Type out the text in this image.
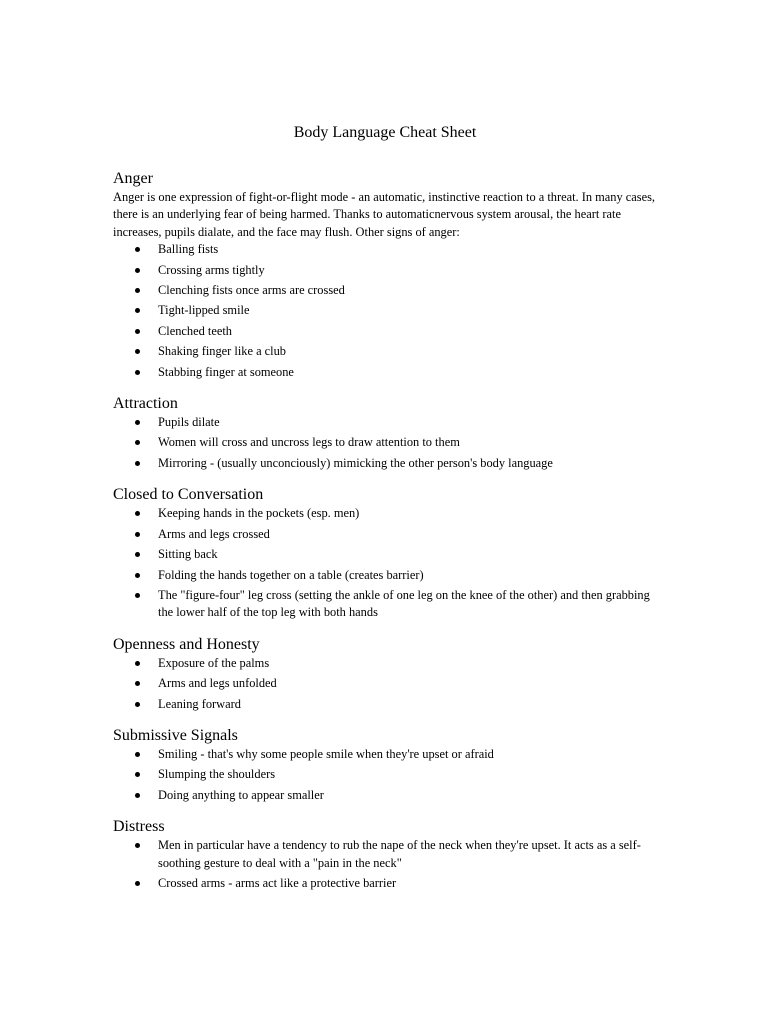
Body Language Cheat Sheet
Anger

Anger is one expression of fight-or-flight mode - an automatic, instinctive reaction to a threat. In many cases, there is an underlying fear of being harmed. Thanks to automaticnervous system arousal, the heart rate increases, pupils dialate, and the face may flush. Other signs of anger:

Balling fists
Crossing arms tightly
Clenching fists once arms are crossed
Tight-lipped smile
Clenched teeth
Shaking finger like a club
Stabbing finger at someone
Attraction
Pupils dilate
Women will cross and uncross legs to draw attention to them
Mirroring - (usually unconciously) mimicking the other person's body language
Closed to Conversation
Keeping hands in the pockets (esp. men)
Arms and legs crossed
Sitting back
Folding the hands together on a table (creates barrier)
The "figure-four" leg cross (setting the ankle of one leg on the knee of the other) and then grabbing the lower half of the top leg with both hands
Openness and Honesty
Exposure of the palms
Arms and legs unfolded
Leaning forward
Submissive Signals
Smiling - that's why some people smile when they're upset or afraid
Slumping the shoulders
Doing anything to appear smaller
Distress
Men in particular have a tendency to rub the nape of the neck when they're upset. It acts as a self-soothing gesture to deal with a "pain in the neck"
Crossed arms - arms act like a protective barrier
